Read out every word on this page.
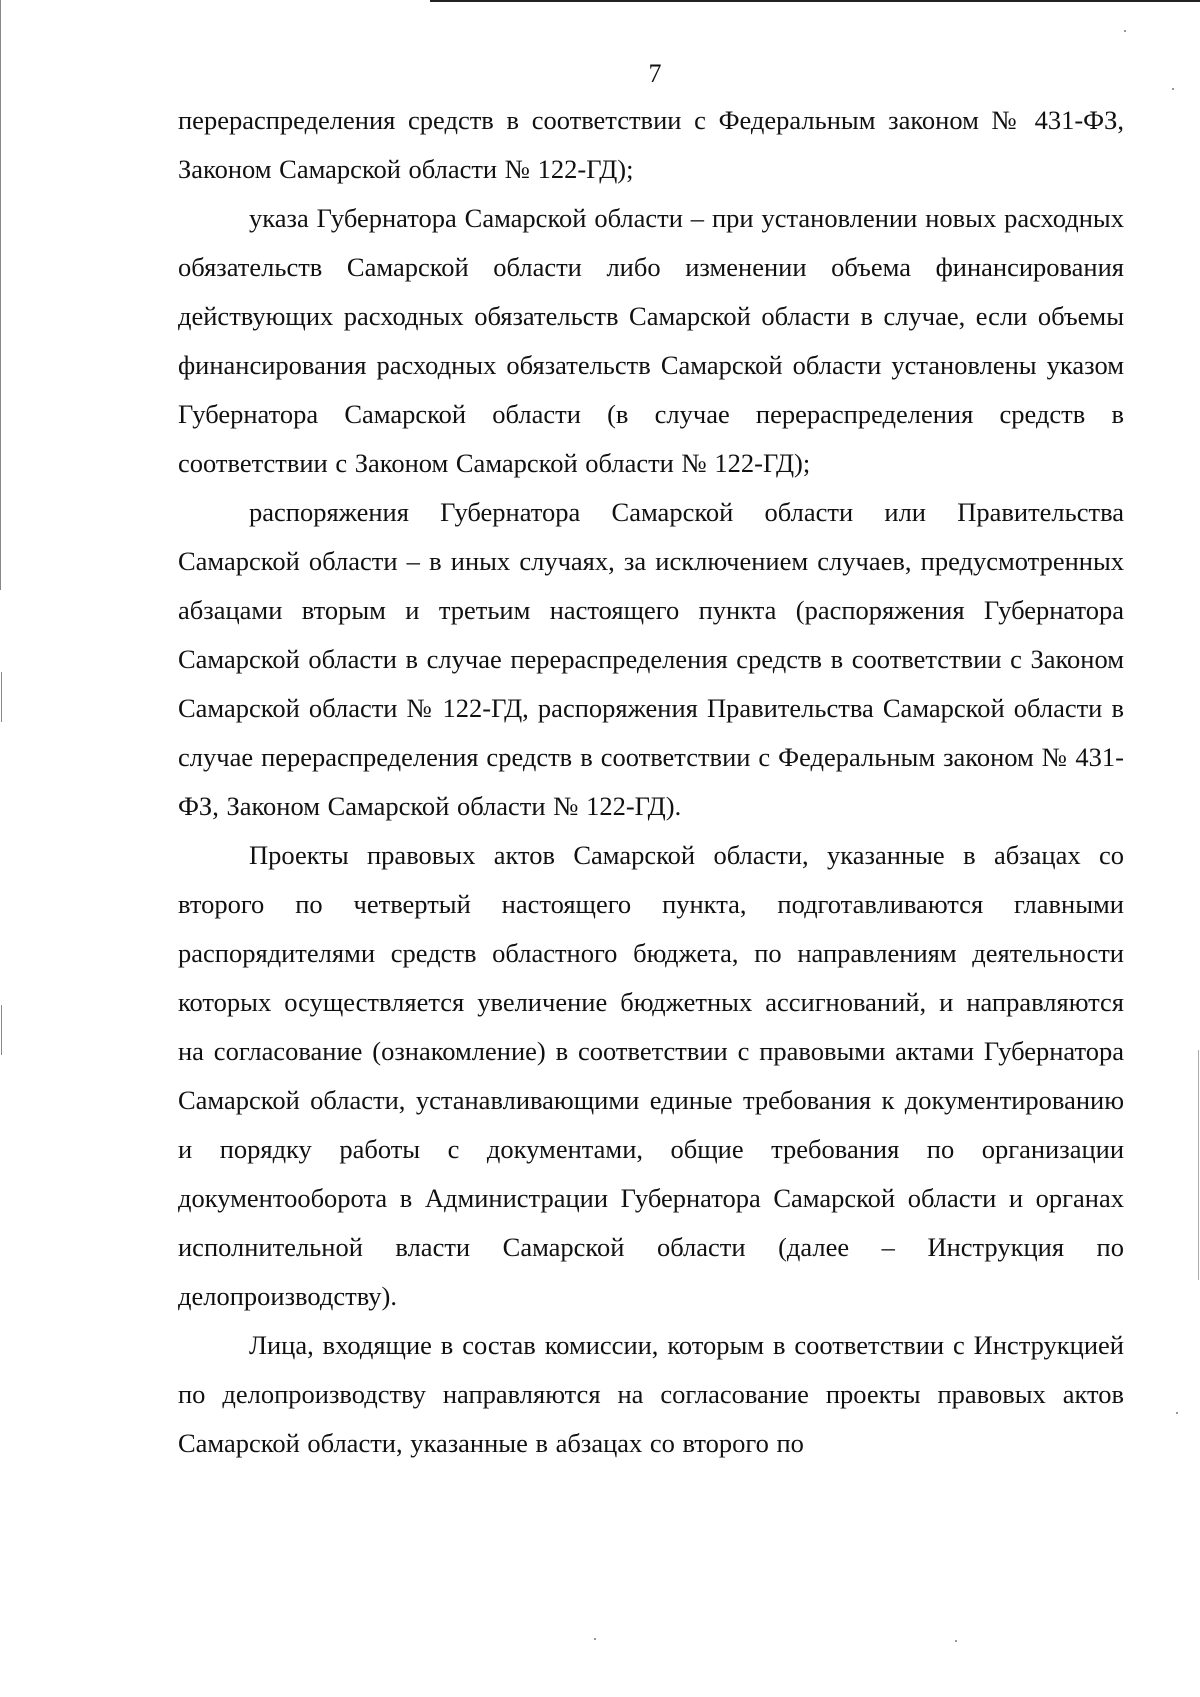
7

перераспределения средств в соответствии с Федеральным законом № 431-ФЗ, Законом Самарской области № 122-ГД);

указа Губернатора Самарской области – при установлении новых расходных обязательств Самарской области либо изменении объема финансирования действующих расходных обязательств Самарской области в случае, если объемы финансирования расходных обязательств Самарской области установлены указом Губернатора Самарской области (в случае перераспределения средств в соответствии с Законом Самарской области № 122-ГД);

распоряжения Губернатора Самарской области или Правительства Самарской области – в иных случаях, за исключением случаев, предусмотренных абзацами вторым и третьим настоящего пункта (распоряжения Губернатора Самарской области в случае перераспределения средств в соответствии с Законом Самарской области № 122-ГД, распоряжения Правительства Самарской области в случае перераспределения средств в соответствии с Федеральным законом № 431-ФЗ, Законом Самарской области № 122-ГД).

Проекты правовых актов Самарской области, указанные в абзацах со второго по четвертый настоящего пункта, подготавливаются главными распорядителями средств областного бюджета, по направлениям деятельности которых осуществляется увеличение бюджетных ассигнований, и направляются на согласование (ознакомление) в соответствии с правовыми актами Губернатора Самарской области, устанавливающими единые требования к документированию и порядку работы с документами, общие требования по организации документооборота в Администрации Губернатора Самарской области и органах исполнительной власти Самарской области (далее – Инструкция по делопроизводству).

Лица, входящие в состав комиссии, которым в соответствии с Инструкцией по делопроизводству направляются на согласование проекты правовых актов Самарской области, указанные в абзацах со второго по
